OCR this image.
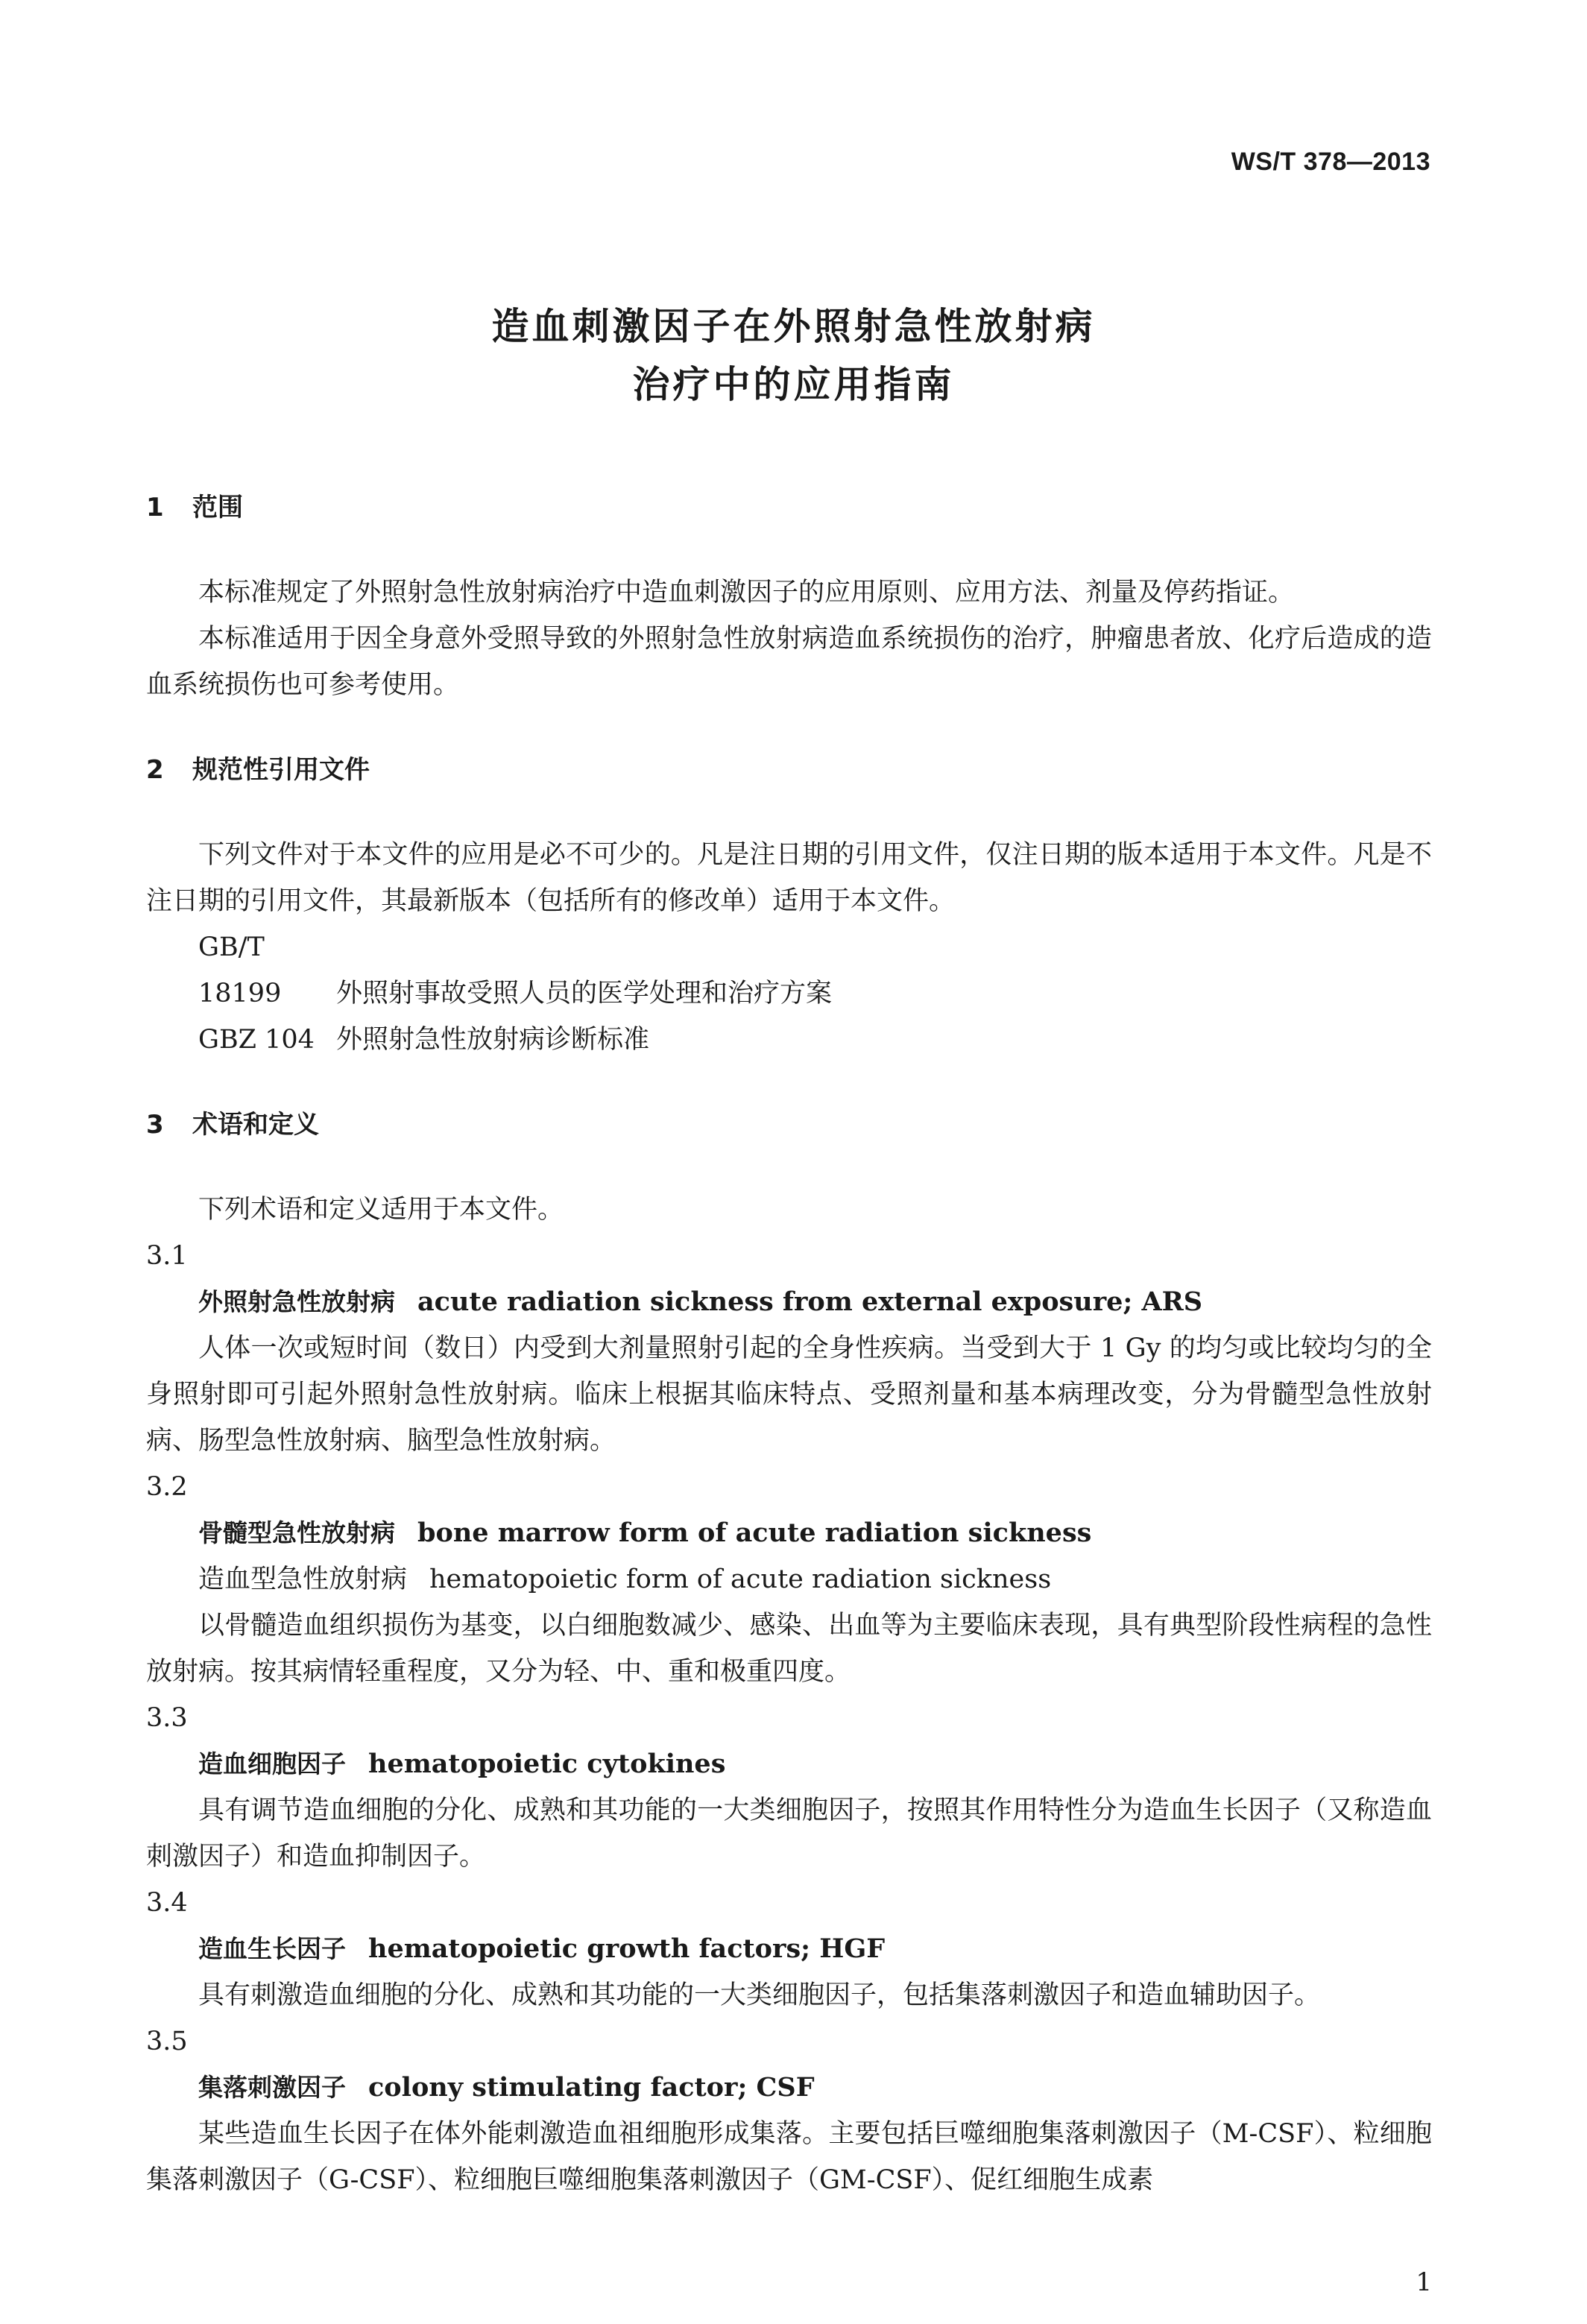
WS/T 378—2013
造血刺激因子在外照射急性放射病
治疗中的应用指南
1 范围

本标准规定了外照射急性放射病治疗中造血刺激因子的应用原则、应用方法、剂量及停药指证。

本标准适用于因全身意外受照导致的外照射急性放射病造血系统损伤的治疗，肿瘤患者放、化疗后造成的造血系统损伤也可参考使用。

2 规范性引用文件

下列文件对于本文件的应用是必不可少的。凡是注日期的引用文件，仅注日期的版本适用于本文件。凡是不注日期的引用文件，其最新版本（包括所有的修改单）适用于本文件。

GB/T 18199 外照射事故受照人员的医学处理和治疗方案
GBZ 104 外照射急性放射病诊断标准
3 术语和定义

下列术语和定义适用于本文件。

3.1
外照射急性放射病 acute radiation sickness from external exposure; ARS

人体一次或短时间（数日）内受到大剂量照射引起的全身性疾病。当受到大于 1 Gy 的均匀或比较均匀的全身照射即可引起外照射急性放射病。临床上根据其临床特点、受照剂量和基本病理改变，分为骨髓型急性放射病、肠型急性放射病、脑型急性放射病。

3.2
骨髓型急性放射病 bone marrow form of acute radiation sickness
造血型急性放射病 hematopoietic form of acute radiation sickness

以骨髓造血组织损伤为基变，以白细胞数减少、感染、出血等为主要临床表现，具有典型阶段性病程的急性放射病。按其病情轻重程度，又分为轻、中、重和极重四度。

3.3
造血细胞因子 hematopoietic cytokines

具有调节造血细胞的分化、成熟和其功能的一大类细胞因子，按照其作用特性分为造血生长因子（又称造血刺激因子）和造血抑制因子。

3.4
造血生长因子 hematopoietic growth factors; HGF

具有刺激造血细胞的分化、成熟和其功能的一大类细胞因子，包括集落刺激因子和造血辅助因子。

3.5
集落刺激因子 colony stimulating factor; CSF

某些造血生长因子在体外能刺激造血祖细胞形成集落。主要包括巨噬细胞集落刺激因子（M-CSF）、粒细胞集落刺激因子（G-CSF）、粒细胞巨噬细胞集落刺激因子（GM-CSF）、促红细胞生成素

1
